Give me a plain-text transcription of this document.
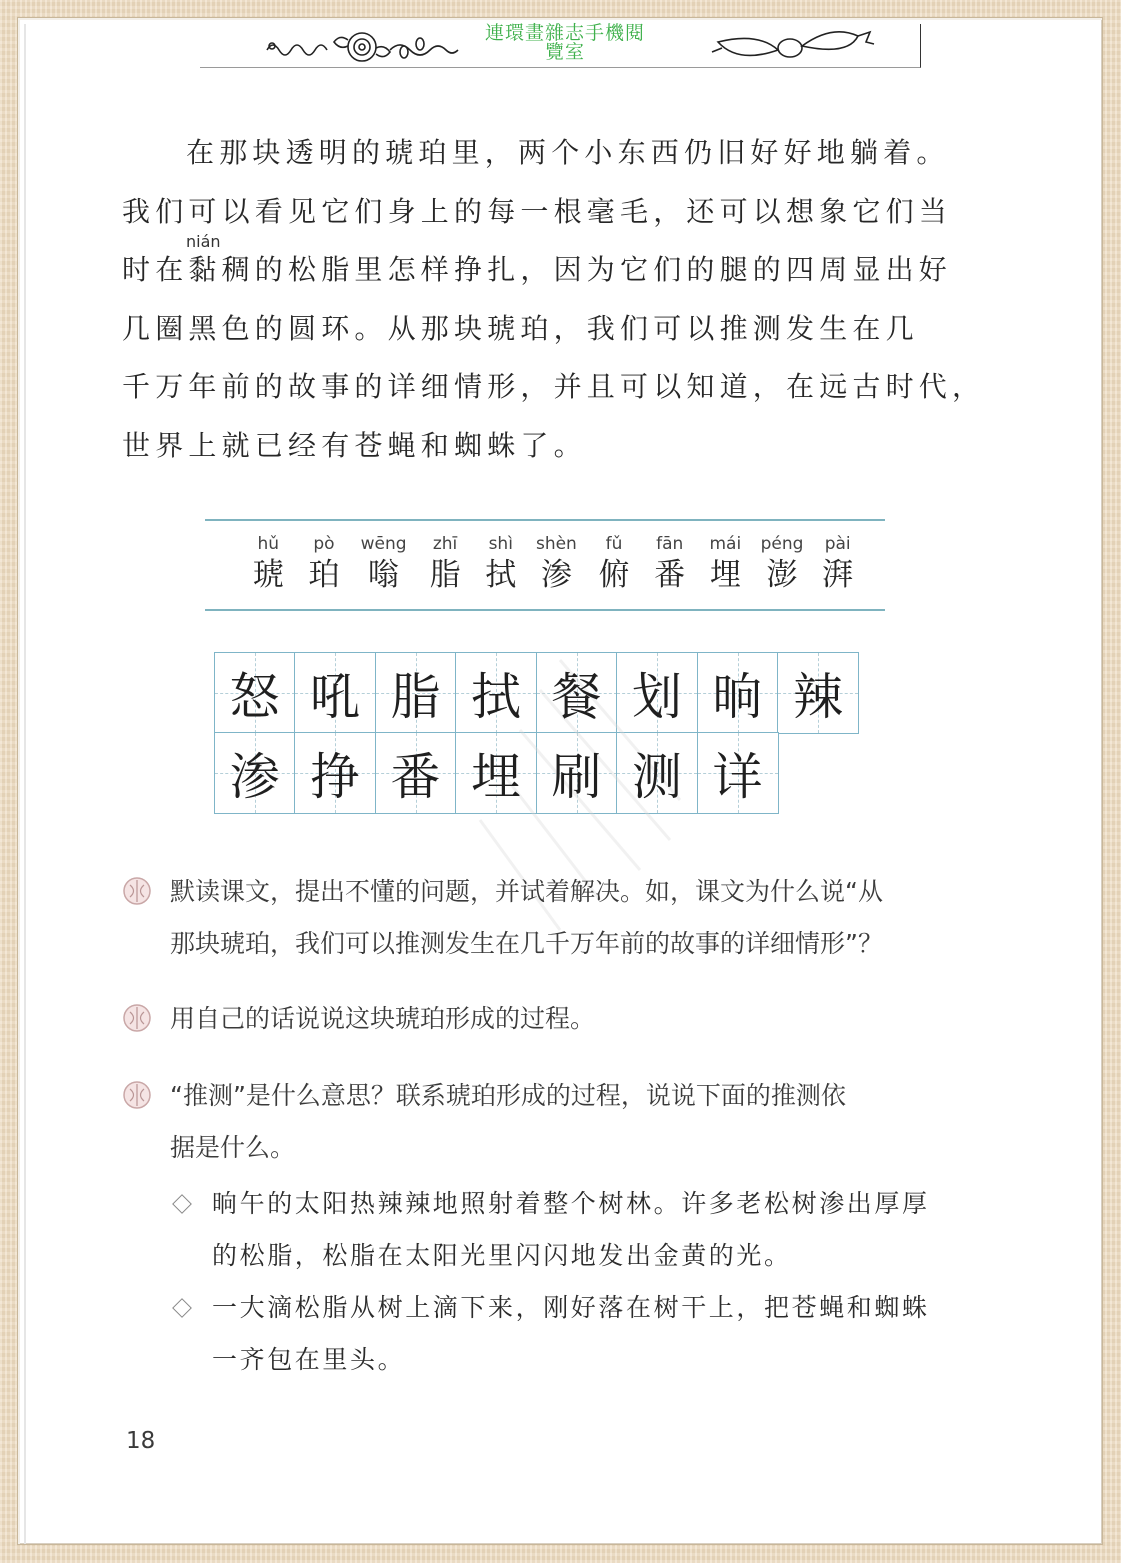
連環畫雜志手機閱
覽室
在那块透明的琥珀里，两个小东西仍旧好好地躺着。
我们可以看见它们身上的每一根毫毛，还可以想象它们当
nián
时在黏稠的松脂里怎样挣扎，因为它们的腿的四周显出好
几圈黑色的圆环。从那块琥珀，我们可以推测发生在几
千万年前的故事的详细情形，并且可以知道，在远古时代，
世界上就已经有苍蝇和蜘蛛了。
hǔ
琥
pò
珀
wēng
嗡
zhī
脂
shì
拭
shèn
渗
fǔ
俯
fān
番
mái
埋
péng
澎
pài
湃
怒 吼 脂 拭 餐 划 晌 辣
渗 挣 番 埋 刷 测 详
默读课文，提出不懂的问题，并试着解决。如，课文为什么说“从
那块琥珀，我们可以推测发生在几千万年前的故事的详细情形”？
用自己的话说说这块琥珀形成的过程。
“推测”是什么意思？联系琥珀形成的过程，说说下面的推测依
据是什么。
晌午的太阳热辣辣地照射着整个树林。许多老松树渗出厚厚
的松脂，松脂在太阳光里闪闪地发出金黄的光。
一大滴松脂从树上滴下来，刚好落在树干上，把苍蝇和蜘蛛
一齐包在里头。
18
